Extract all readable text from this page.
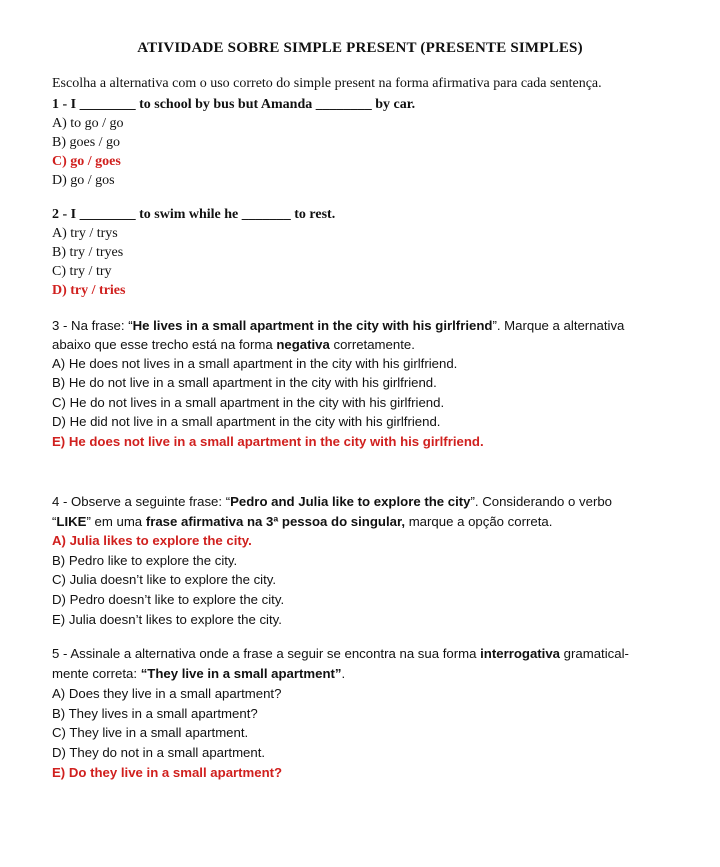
ATIVIDADE SOBRE SIMPLE PRESENT (PRESENTE SIMPLES)
Escolha a alternativa com o uso correto do simple present na forma afirmativa para cada sentença.
1 - I ________ to school by bus but Amanda ________ by car.
A) to go / go
B) goes / go
C) go / goes
D) go / gos
2 - I ________ to swim while he _______ to rest.
A) try / trys
B) try / tryes
C) try / try
D) try / tries
3 - Na frase: “He lives in a small apartment in the city with his girlfriend”. Marque a alternativa
abaixo que esse trecho está na forma negativa corretamente.
A) He does not lives in a small apartment in the city with his girlfriend.
B) He do not live in a small apartment in the city with his girlfriend.
C) He do not lives in a small apartment in the city with his girlfriend.
D) He did not live in a small apartment in the city with his girlfriend.
E) He does not live in a small apartment in the city with his girlfriend.
4 - Observe a seguinte frase: “Pedro and Julia like to explore the city”. Considerando o verbo
“LIKE” em uma frase afirmativa na 3ª pessoa do singular, marque a opção correta.
A) Julia likes to explore the city.
B) Pedro like to explore the city.
C) Julia doesn’t like to explore the city.
D) Pedro doesn’t like to explore the city.
E) Julia doesn’t likes to explore the city.
5 - Assinale a alternativa onde a frase a seguir se encontra na sua forma interrogativa gramatical-
mente correta: “They live in a small apartment”.
A) Does they live in a small apartment?
B) They lives in a small apartment?
C) They live in a small apartment.
D) They do not in a small apartment.
E) Do they live in a small apartment?
